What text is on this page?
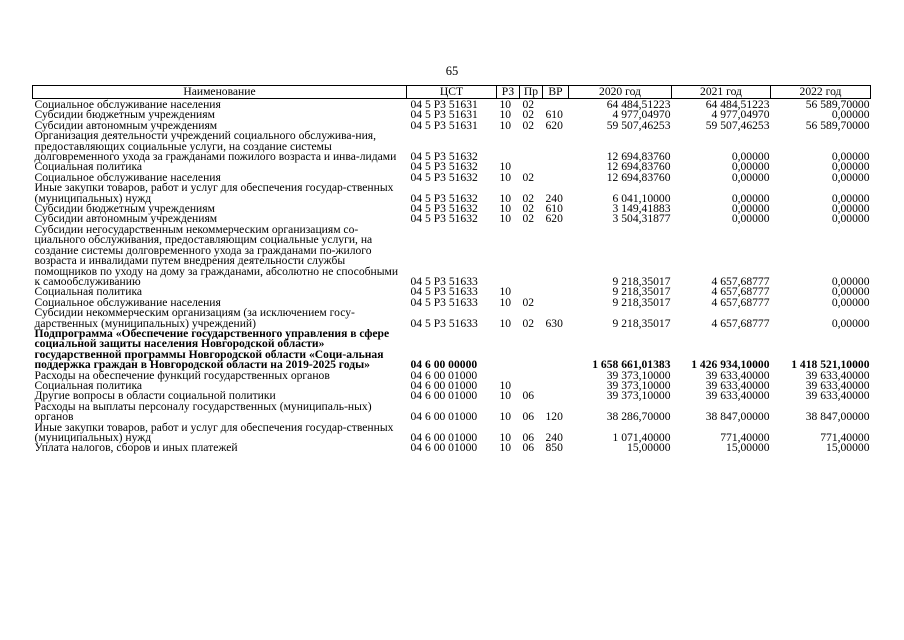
65
Наименование	ЦСТ	РЗ	Пр	ВР	2020 год	2021 год	2022 год
Социальное обслуживание населения	04 5 Р3 51631	10	02		64 484,51223	64 484,51223	56 589,70000
Субсидии бюджетным учреждениям	04 5 Р3 51631	10	02	610	4 977,04970	4 977,04970	0,00000
Субсидии автономным учреждениям	04 5 Р3 51631	10	02	620	59 507,46253	59 507,46253	56 589,70000
Организация деятельности учреждений социального обслужива-ния, предоставляющих социальные услуги, на создание системы долговременного ухода за гражданами пожилого возраста и инва-лидами	04 5 Р3 51632				12 694,83760	0,00000	0,00000
Социальная политика	04 5 Р3 51632	10			12 694,83760	0,00000	0,00000
Социальное обслуживание населения	04 5 Р3 51632	10	02		12 694,83760	0,00000	0,00000
Иные закупки товаров, работ и услуг для обеспечения государ-ственных (муниципальных) нужд	04 5 Р3 51632	10	02	240	6 041,10000	0,00000	0,00000
Субсидии бюджетным учреждениям	04 5 Р3 51632	10	02	610	3 149,41883	0,00000	0,00000
Субсидии автономным учреждениям	04 5 Р3 51632	10	02	620	3 504,31877	0,00000	0,00000
Субсидии негосударственным некоммерческим организациям со-циального обслуживания, предоставляющим социальные услуги, на создание системы долговременного ухода за гражданами по-жилого возраста и инвалидами путем внедрения деятельности службы помощников по уходу на дому за гражданами, абсолютно не способными к самообслуживанию	04 5 Р3 51633				9 218,35017	4 657,68777	0,00000
Социальная политика	04 5 Р3 51633	10			9 218,35017	4 657,68777	0,00000
Социальное обслуживание населения	04 5 Р3 51633	10	02		9 218,35017	4 657,68777	0,00000
Субсидии некоммерческим организациям (за исключением госу-дарственных (муниципальных) учреждений)	04 5 Р3 51633	10	02	630	9 218,35017	4 657,68777	0,00000
Подпрограмма «Обеспечение государственного управления в сфере социальной защиты населения Новгородской области» государственной программы Новгородской области «Соци-альная поддержка граждан в Новгородской области на 2019-2025 годы»	04 6 00 00000				1 658 661,01383	1 426 934,10000	1 418 521,10000
Расходы на обеспечение функций государственных органов	04 6 00 01000				39 373,10000	39 633,40000	39 633,40000
Социальная политика	04 6 00 01000	10			39 373,10000	39 633,40000	39 633,40000
Другие вопросы в области социальной политики	04 6 00 01000	10	06		39 373,10000	39 633,40000	39 633,40000
Расходы на выплаты персоналу государственных (муниципаль-ных) органов	04 6 00 01000	10	06	120	38 286,70000	38 847,00000	38 847,00000
Иные закупки товаров, работ и услуг для обеспечения государ-ственных (муниципальных) нужд	04 6 00 01000	10	06	240	1 071,40000	771,40000	771,40000
Уплата налогов, сборов и иных платежей	04 6 00 01000	10	06	850	15,00000	15,00000	15,00000
